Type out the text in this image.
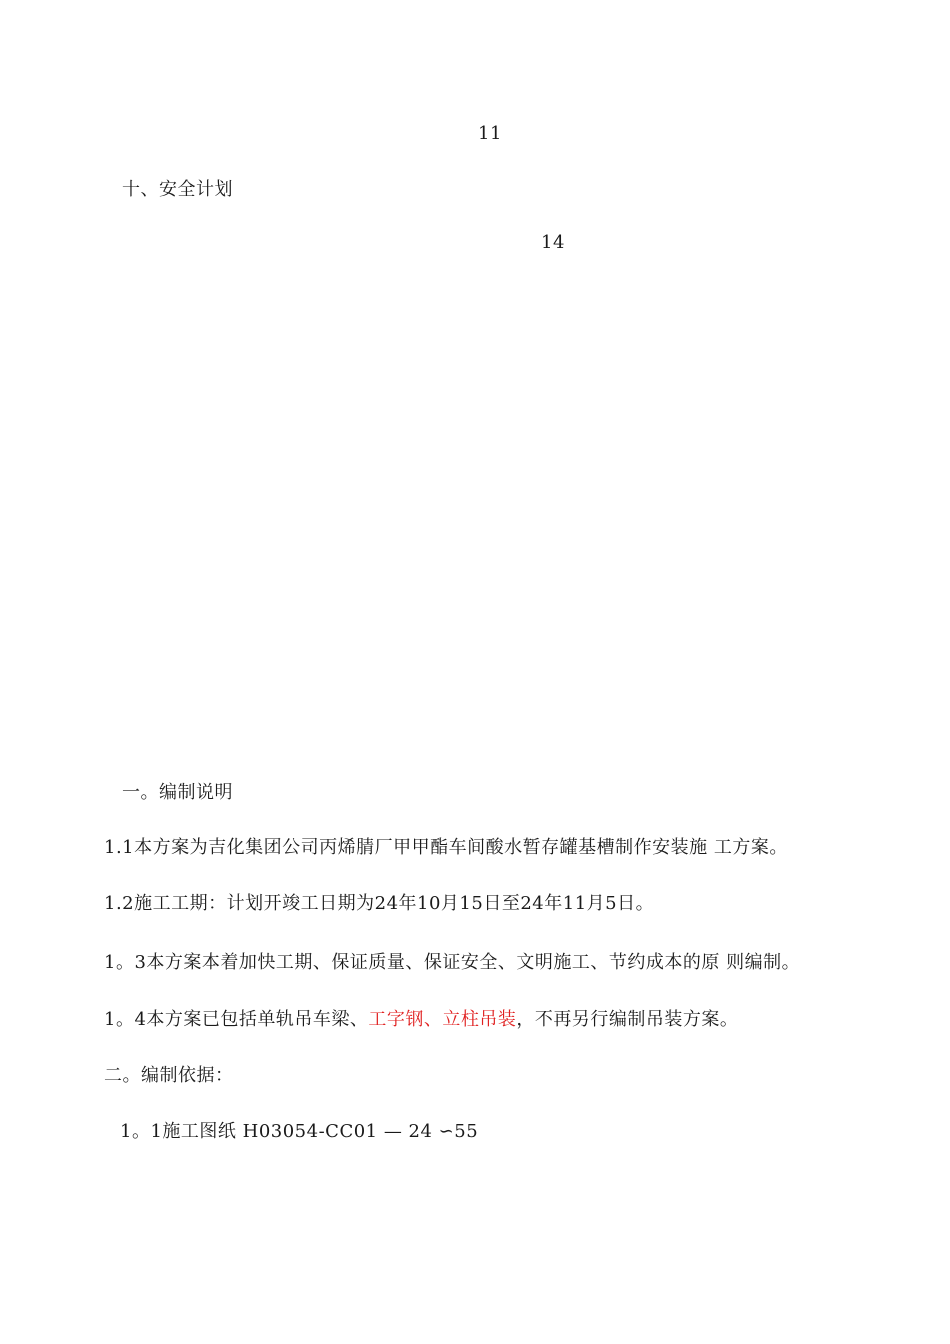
11
十、安全计划
14
一。编制说明
1.1本方案为吉化集团公司丙烯腈厂甲甲酯车间酸水暂存罐基槽制作安装施 工方案。
1.2施工工期：计划开竣工日期为24年10月15日至24年11月5日。
1。3本方案本着加快工期、保证质量、保证安全、文明施工、节约成本的原 则编制。
1。4本方案已包括单轨吊车梁、工字钢、立柱吊装，不再另行编制吊装方案。
二。编制依据：
1。1施工图纸 H03054-CC01 — 24 ∽55
